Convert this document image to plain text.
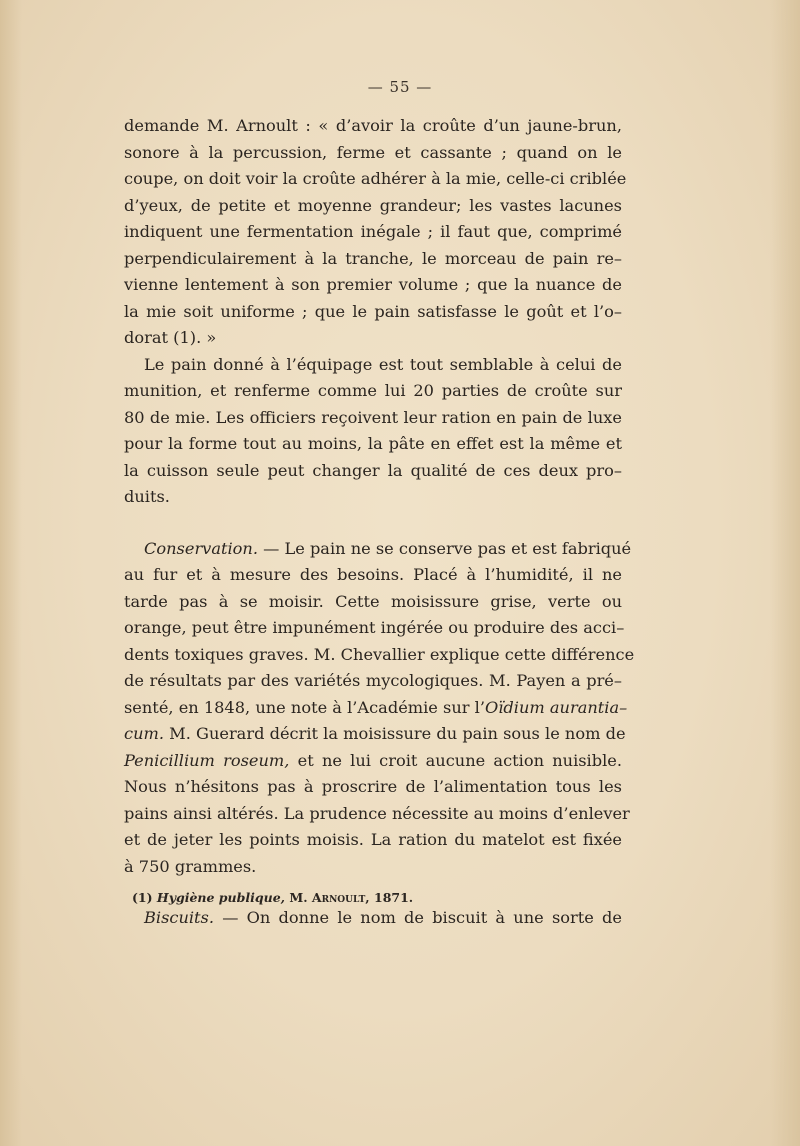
— 55 —

demande M. Arnoult : « d’avoir la croûte d’un jaune-brun,
sonore à la percussion, ferme et cassante ; quand on le
coupe, on doit voir la croûte adhérer à la mie, celle-ci criblée
d’yeux, de petite et moyenne grandeur; les vastes lacunes
indiquent une fermentation inégale ; il faut que, comprimé
perpendiculairement à la tranche, le morceau de pain re–
vienne lentement à son premier volume ; que la nuance de
la mie soit uniforme ; que le pain satisfasse le goût et l’o–
dorat (1). »

Le pain donné à l’équipage est tout semblable à celui de
munition, et renferme comme lui 20 parties de croûte sur
80 de mie. Les officiers reçoivent leur ration en pain de luxe
pour la forme tout au moins, la pâte en effet est la même et
la cuisson seule peut changer la qualité de ces deux pro–
duits.

Conservation. — Le pain ne se conserve pas et est fabriqué
au fur et à mesure des besoins. Placé à l’humidité, il ne
tarde pas à se moisir. Cette moisissure grise, verte ou
orange, peut être impunément ingérée ou produire des acci–
dents toxiques graves. M. Chevallier explique cette différence
de résultats par des variétés mycologiques. M. Payen a pré–
senté, en 1848, une note à l’Académie sur l’Oïdium aurantia–
cum. M. Guerard décrit la moisissure du pain sous le nom de
Penicillium roseum, et ne lui croit aucune action nuisible.
Nous n’hésitons pas à proscrire de l’alimentation tous les
pains ainsi altérés. La prudence nécessite au moins d’enlever
et de jeter les points moisis. La ration du matelot est fixée
à 750 grammes.

Biscuits. — On donne le nom de biscuit à une sorte de

(1) Hygiène publique, M. Arnoult, 1871.
